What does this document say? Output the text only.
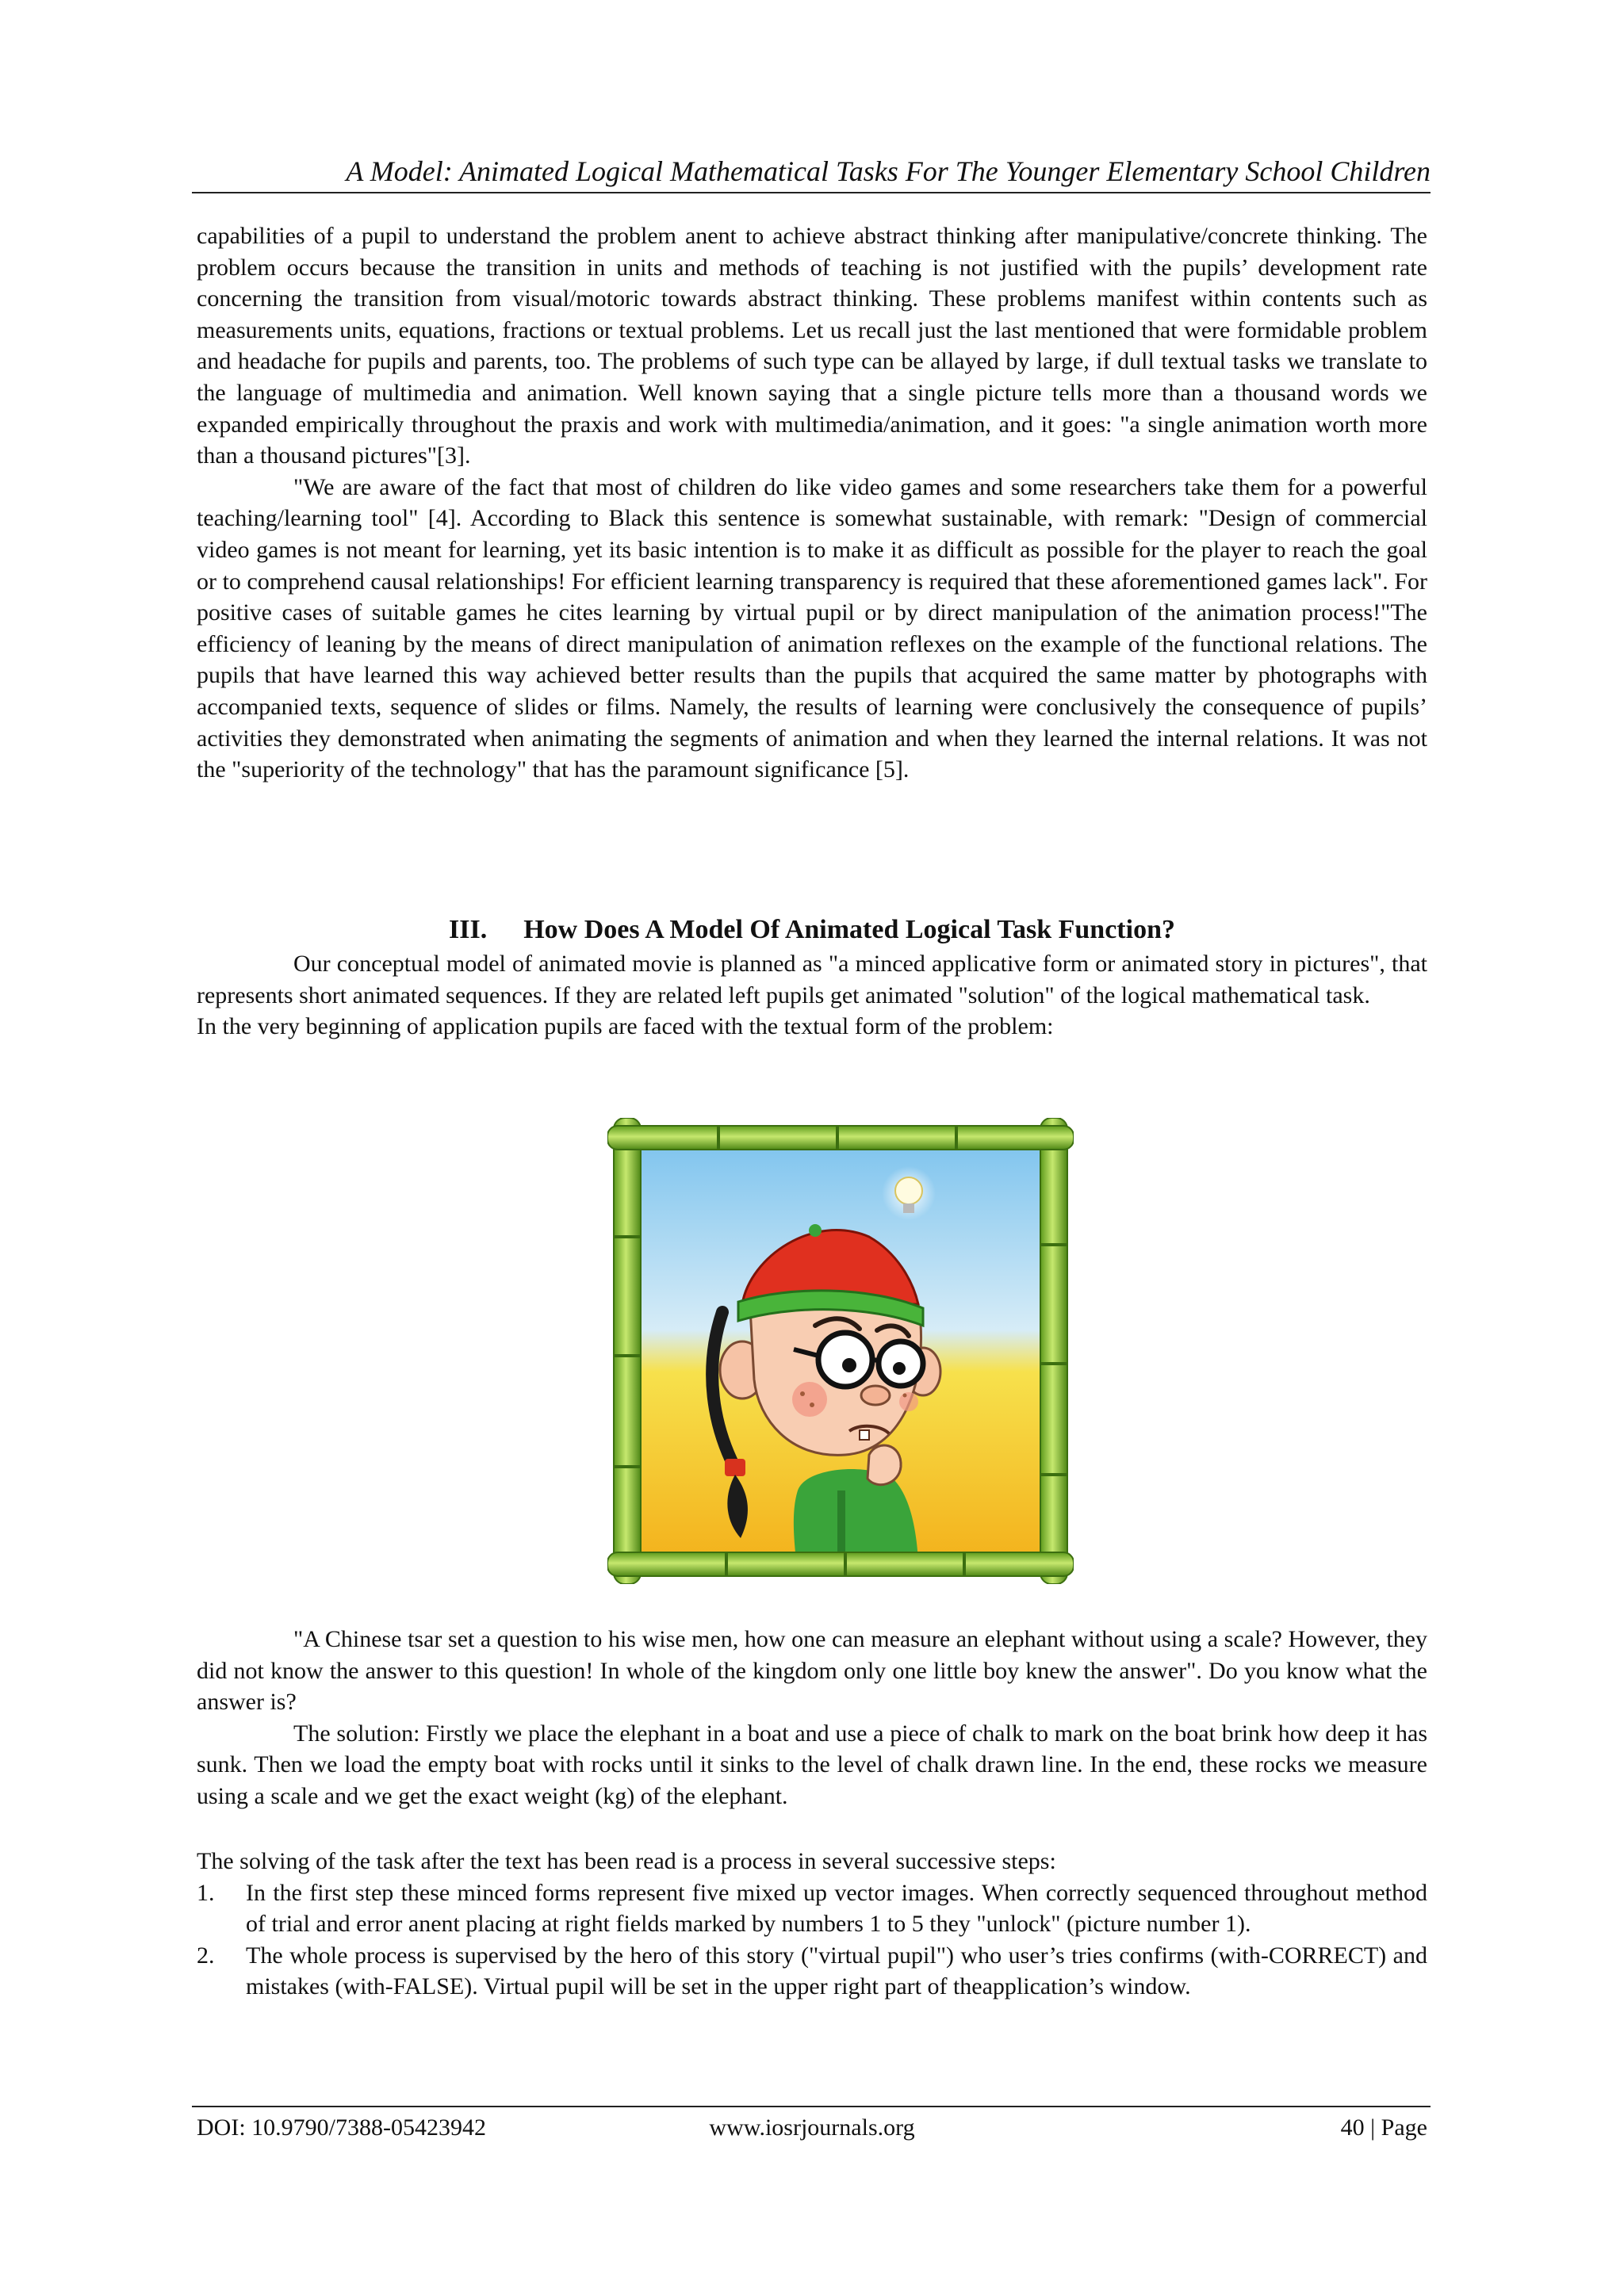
A Model: Animated Logical Mathematical Tasks For The Younger Elementary School Children

capabilities of a pupil to understand the problem anent to achieve abstract thinking after manipulative/concrete thinking. The problem occurs because the transition in units and methods of teaching is not justified with the pupils’ development rate concerning the transition from visual/motoric towards abstract thinking. These problems manifest within contents such as measurements units, equations, fractions or textual problems. Let us recall just the last mentioned that were formidable problem and headache for pupils and parents, too. The problems of such type can be allayed by large, if dull textual tasks we translate to the language of multimedia and animation. Well known saying that a single picture tells more than a thousand words we expanded empirically throughout the praxis and work with multimedia/animation, and it goes: "a single animation worth more than a thousand pictures"[3].

"We are aware of the fact that most of children do like video games and some researchers take them for a powerful teaching/learning tool" [4]. According to Black this sentence is somewhat sustainable, with remark: "Design of commercial video games is not meant for learning, yet its basic intention is to make it as difficult as possible for the player to reach the goal or to comprehend causal relationships! For efficient learning transparency is required that these aforementioned games lack". For positive cases of suitable games he cites learning by virtual pupil or by direct manipulation of the animation process!"The efficiency of leaning by the means of direct manipulation of animation reflexes on the example of the functional relations. The pupils that have learned this way achieved better results than the pupils that acquired the same matter by photographs with accompanied texts, sequence of slides or films. Namely, the results of learning were conclusively the consequence of pupils’ activities they demonstrated when animating the segments of animation and when they learned the internal relations. It was not the "superiority of the technology" that has the paramount significance [5].

III. How Does A Model Of Animated Logical Task Function?

Our conceptual model of animated movie is planned as "a minced applicative form or animated story in pictures", that represents short animated sequences. If they are related left pupils get animated "solution" of the logical mathematical task.

In the very beginning of application pupils are faced with the textual form of the problem:

"A Chinese tsar set a question to his wise men, how one can measure an elephant without using a scale? However, they did not know the answer to this question! In whole of the kingdom only one little boy knew the answer". Do you know what the answer is?

The solution: Firstly we place the elephant in a boat and use a piece of chalk to mark on the boat brink how deep it has sunk. Then we load the empty boat with rocks until it sinks to the level of chalk drawn line. In the end, these rocks we measure using a scale and we get the exact weight (kg) of the elephant.

The solving of the task after the text has been read is a process in several successive steps:

1. In the first step these minced forms represent five mixed up vector images. When correctly sequenced throughout method of trial and error anent placing at right fields marked by numbers 1 to 5 they "unlock" (picture number 1).
2. The whole process is supervised by the hero of this story ("virtual pupil") who user’s tries confirms (with-CORRECT) and mistakes (with-FALSE). Virtual pupil will be set in the upper right part of theapplication’s window.
DOI: 10.9790/7388-05423942	www.iosrjournals.org	40 | Page
